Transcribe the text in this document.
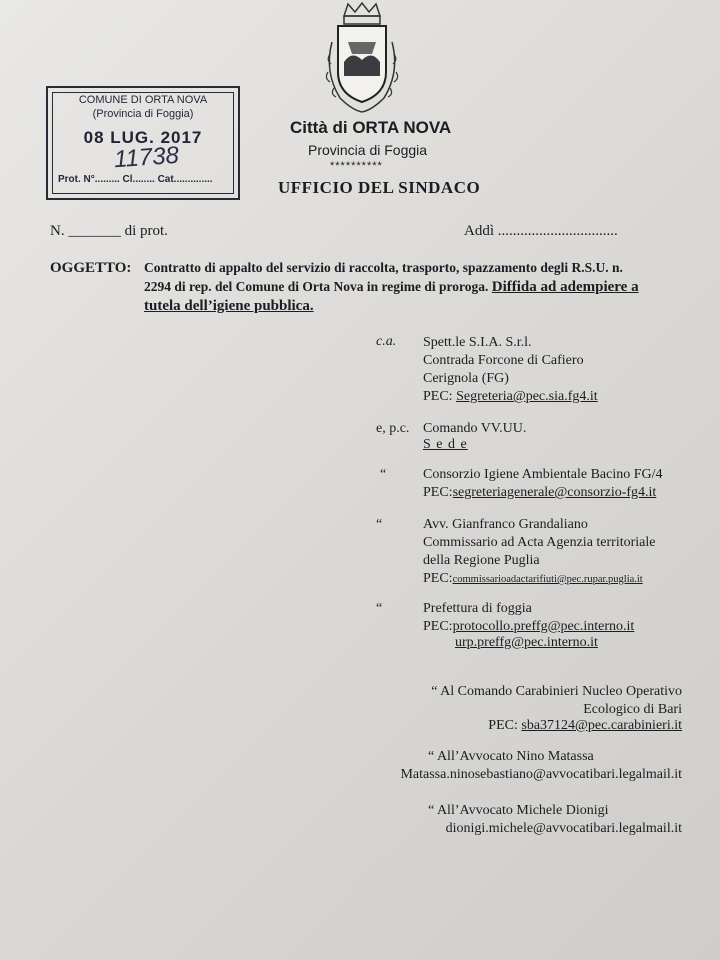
COMUNE DI ORTA NOVA
(Provincia di Foggia)
08 LUG. 2017
11738
Prot. N°......... Cl........ Cat..............
Città di ORTA NOVA
Provincia di Foggia
**********
UFFICIO DEL SINDACO
N. _______ di prot.	Addì ................................
OGGETTO: Contratto di appalto del servizio di raccolta, trasporto, spazzamento degli R.S.U. n.
2294 di rep. del Comune di Orta Nova in regime di proroga. Diffida ad adempiere a
tutela dell’igiene pubblica.
c.a. Spett.le S.I.A. S.r.l.
Contrada Forcone di Cafiero
Cerignola (FG)
PEC: Segreteria@pec.sia.fg4.it
e, p.c. Comando VV.UU.
S e d e
“	Consorzio Igiene Ambientale Bacino FG/4
PEC:segreteriagenerale@consorzio-fg4.it
“	Avv. Gianfranco Grandaliano
Commissario ad Acta Agenzia territoriale
della Regione Puglia
PEC:commissarioadactarifiuti@pec.rupar.puglia.it
“	Prefettura di foggia
PEC:protocollo.preffg@pec.interno.it
urp.preffg@pec.interno.it
“ Al Comando Carabinieri Nucleo Operativo
Ecologico di Bari
PEC: sba37124@pec.carabinieri.it
“ All’Avvocato Nino Matassa
Matassa.ninosebastiano@avvocatibari.legalmail.it
“ All’Avvocato Michele Dionigi
dionigi.michele@avvocatibari.legalmail.it
